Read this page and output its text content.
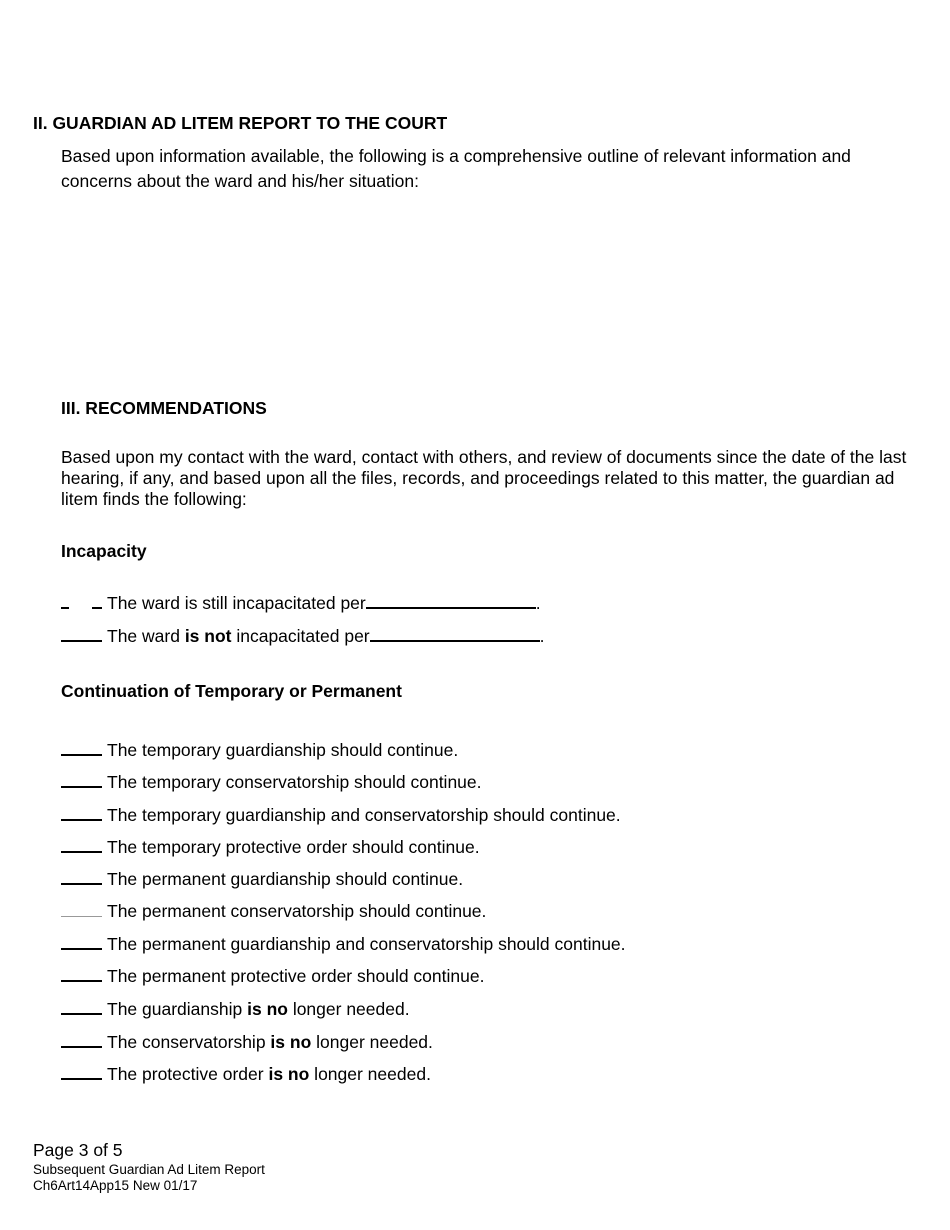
II. GUARDIAN AD LITEM REPORT TO THE COURT

Based upon information available, the following is a comprehensive outline of relevant information and concerns about the ward and his/her situation:

III. RECOMMENDATIONS

Based upon my contact with the ward, contact with others, and review of documents since the date of the last hearing, if any, and based upon all the files, records, and proceedings related to this matter, the guardian ad litem finds the following:

Incapacity
The ward is still incapacitated per	.
The ward is not incapacitated per	.
Continuation of Temporary or Permanent
The temporary guardianship should continue.
The temporary conservatorship should continue.
The temporary guardianship and conservatorship should continue.
The temporary protective order should continue.
The permanent guardianship should continue.
The permanent conservatorship should continue.
The permanent guardianship and conservatorship should continue.
The permanent protective order should continue.
The guardianship is no longer needed.
The conservatorship is no longer needed.
The protective order is no longer needed.
Page 3 of 5
Subsequent Guardian Ad Litem Report
Ch6Art14App15 New 01/17
